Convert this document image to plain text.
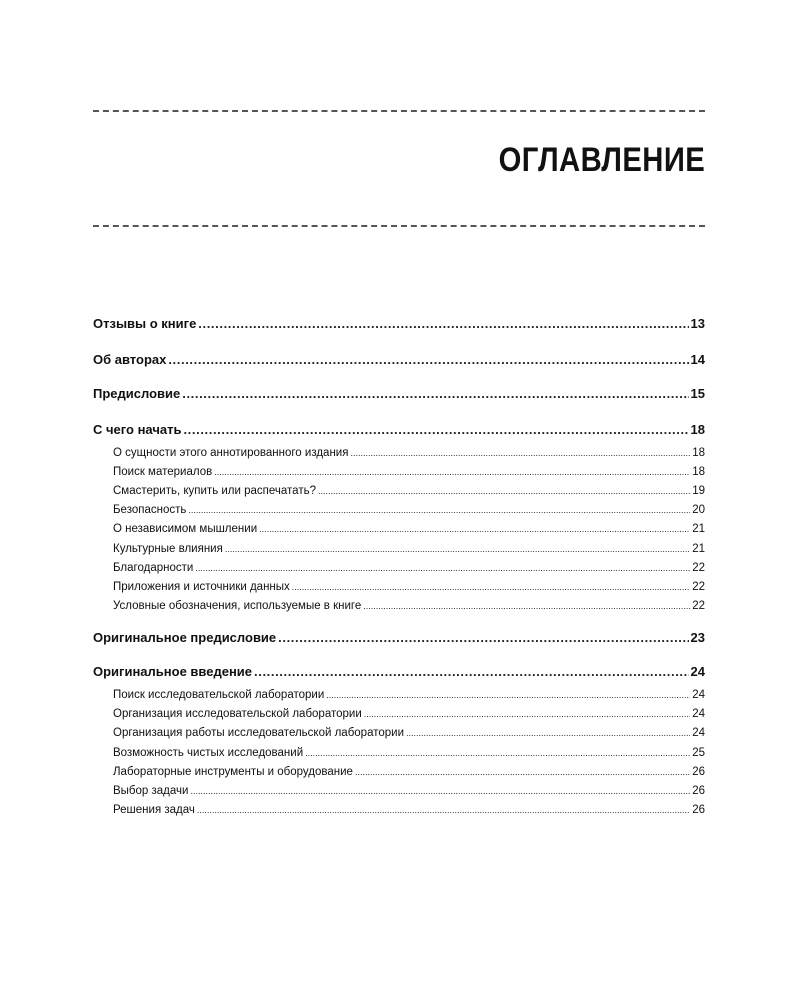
ОГЛАВЛЕНИЕ
Отзывы о книге .....	13
Об авторах .....	14
Предисловие .....	15
С чего начать .....	18
О сущности этого аннотированного издания .....	18
Поиск материалов .....	18
Смастерить, купить или распечатать? .....	19
Безопасность .....	20
О независимом мышлении .....	21
Культурные влияния .....	21
Благодарности .....	22
Приложения и источники данных .....	22
Условные обозначения, используемые в книге .....	22
Оригинальное предисловие .....	23
Оригинальное введение .....	24
Поиск исследовательской лаборатории .....	24
Организация исследовательской лаборатории .....	24
Организация работы исследовательской лаборатории .....	24
Возможность чистых исследований .....	25
Лабораторные инструменты и оборудование .....	26
Выбор задачи .....	26
Решения задач .....	26
